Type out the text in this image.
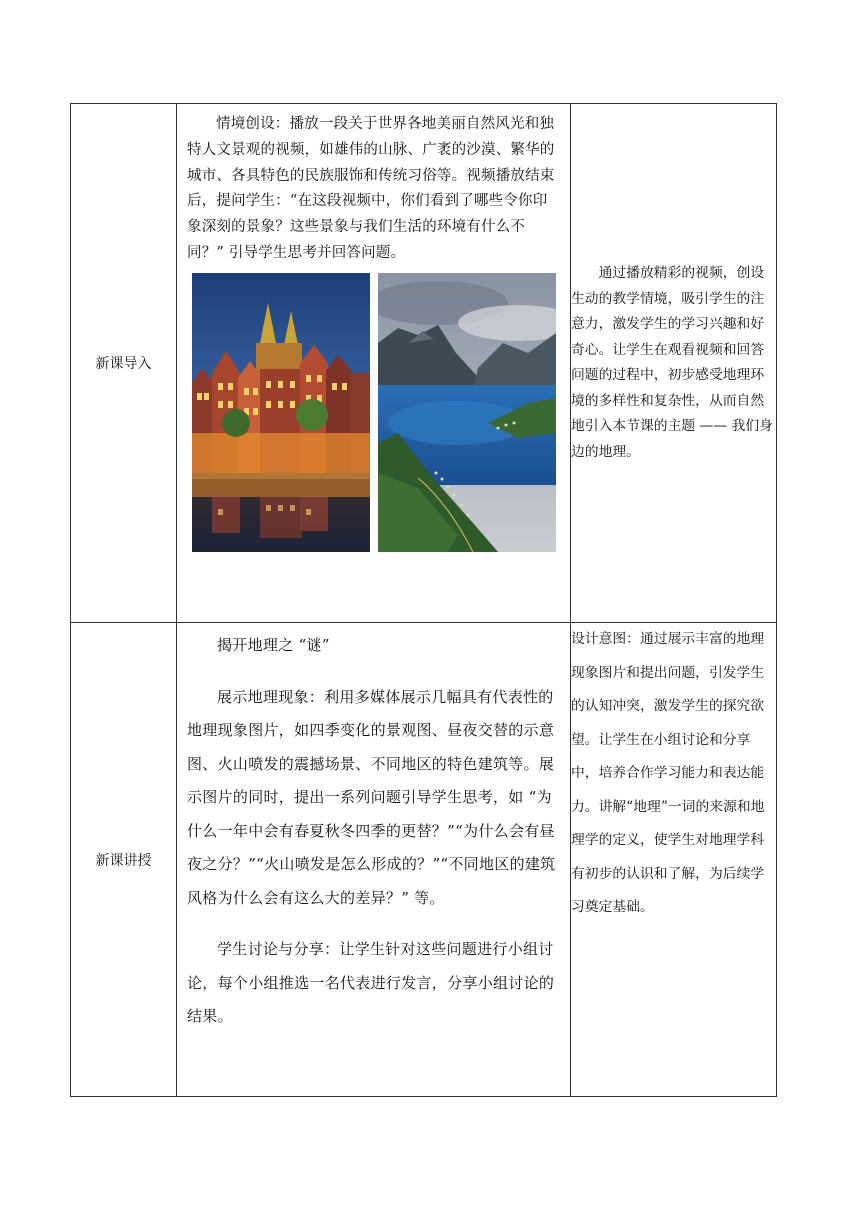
新课导入	情境创设：播放一段关于世界各地美丽自然风光和独特人文景观的视频，如雄伟的山脉、广袤的沙漠、繁华的城市、各具特色的民族服饰和传统习俗等。视频播放结束后，提问学生：“在这段视频中，你们看到了哪些令你印象深刻的景象？这些景象与我们生活的环境有什么不同？” 引导学生思考并回答问题。	通过播放精彩的视频，创设生动的教学情境，吸引学生的注意力，激发学生的学习兴趣和好奇心。让学生在观看视频和回答问题的过程中，初步感受地理环境的多样性和复杂性，从而自然地引入本节课的主题 —— 我们身边的地理。

新课讲授	揭开地理之 “谜”

展示地理现象：利用多媒体展示几幅具有代表性的地理现象图片，如四季变化的景观图、昼夜交替的示意图、火山喷发的震撼场景、不同地区的特色建筑等。展示图片的同时，提出一系列问题引导学生思考，如 “为什么一年中会有春夏秋冬四季的更替？”“为什么会有昼夜之分？”“火山喷发是怎么形成的？”“不同地区的建筑风格为什么会有这么大的差异？” 等。

学生讨论与分享：让学生针对这些问题进行小组讨论，每个小组推选一名代表进行发言，分享小组讨论的结果。	设计意图：通过展示丰富的地理现象图片和提出问题，引发学生的认知冲突，激发学生的探究欲望。让学生在小组讨论和分享中，培养合作学习能力和表达能力。讲解“地理”一词的来源和地理学的定义，使学生对地理学科有初步的认识和了解，为后续学习奠定基础。
